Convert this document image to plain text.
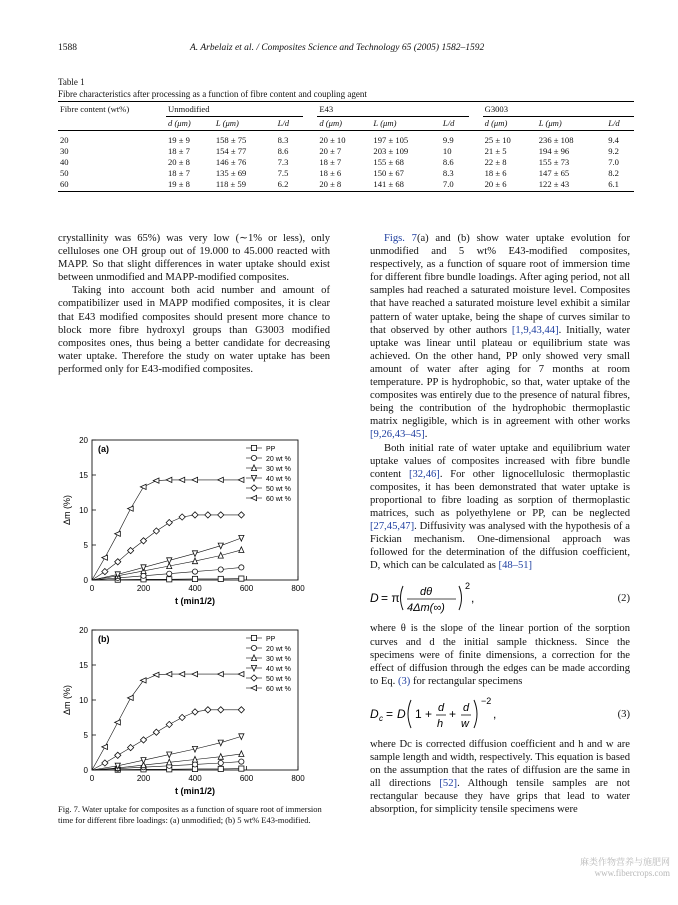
1588	A. Arbelaiz et al. / Composites Science and Technology 65 (2005) 1582–1592
Table 1
Fibre characteristics after processing as a function of fibre content and coupling agent
Fibre content (wt%)	Unmodified				E43				G3003		
	d (μm)	L (μm)	L/d		d (μm)	L (μm)	L/d		d (μm)	L (μm)	L/d
20	19 ± 9	158 ± 75	8.3		20 ± 10	197 ± 105	9.9		25 ± 10	236 ± 108	9.4
30	18 ± 7	154 ± 77	8.6		20 ± 7	203 ± 109	10		21 ± 5	194 ± 96	9.2
40	20 ± 8	146 ± 76	7.3		18 ± 7	155 ± 68	8.6		22 ± 8	155 ± 73	7.0
50	18 ± 7	135 ± 69	7.5		18 ± 6	150 ± 67	8.3		18 ± 6	147 ± 65	8.2
60	19 ± 8	118 ± 59	6.2		20 ± 8	141 ± 68	7.0		20 ± 6	122 ± 43	6.1

crystallinity was 65%) was very low (∼1% or less), only celluloses one OH group out of 19.000 to 45.000 reacted with MAPP. So that slight differences in water uptake should exist between unmodified and MAPP-modified composites.

Taking into account both acid number and amount of compatibilizer used in MAPP modified composites, it is clear that E43 modified composites should present more chance to block more fibre hydroxyl groups than G3003 modified composites ones, thus being a better candidate for decreasing water uptake. Therefore the study on water uptake has been performed only for E43-modified composites.

0	200	400	600	800
0
5
10
15
20
(a)
t (min1/2)
Δm (%)
PP
20 wt %
30 wt %
40 wt %
50 wt %
60 wt %
0	200	400	600	800
0
5
10
15
20
(b)
t (min1/2)
Δm (%)
PP
20 wt %
30 wt %
40 wt %
50 wt %
60 wt %
Fig. 7. Water uptake for composites as a function of square root of immersion time for different fibre loadings: (a) unmodified; (b) 5 wt% E43-modified.

Figs. 7(a) and (b) show water uptake evolution for unmodified and 5 wt% E43-modified composites, respectively, as a function of square root of immersion time for different fibre bundle loadings. After aging period, not all samples had reached a saturated moisture level. Composites that have reached a saturated moisture level exhibit a similar pattern of water uptake, being the shape of curves similar to that observed by other authors [1,9,43,44]. Initially, water uptake was linear until plateau or equilibrium state was achieved. On the other hand, PP only showed very small amount of water after aging for 7 months at room temperature. PP is hydrophobic, so that, water uptake of the composites was entirely due to the presence of natural fibres, being the contribution of the hydrophobic thermoplastic matrix negligible, which is in agreement with other works [9,26,43–45].

Both initial rate of water uptake and equilibrium water uptake values of composites increased with fibre bundle content [32,46]. For other lignocellulosic thermoplastic composites, it has been demonstrated that water uptake is proportional to fibre loading as sorption of thermoplastic matrices, such as polyethylene or PP, can be neglected [27,45,47]. Diffusivity was analysed with the hypothesis of a Fickian mechanism. One-dimensional approach was followed for the determination of the diffusion coefficient, D, which can be calculated as [48–51]

D = π dθ
4Δm(∞)
2
,	(2)

where θ is the slope of the linear portion of the sorption curves and d the initial sample thickness. Since the specimens were of finite dimensions, a correction for the effect of diffusion through the edges can be made according to Eq. (3) for rectangular specimens

D c = D 1 + d
h
+ d
w
−2
,	(3)

where Dc is corrected diffusion coefficient and h and w are sample length and width, respectively. This equation is based on the assumption that the rates of diffusion are the same in all directions [52]. Although tensile samples are not rectangular because they have grips that lead to water absorption, for simplicity tensile specimens were

麻类作物营养与施肥网
www.fibercrops.com
